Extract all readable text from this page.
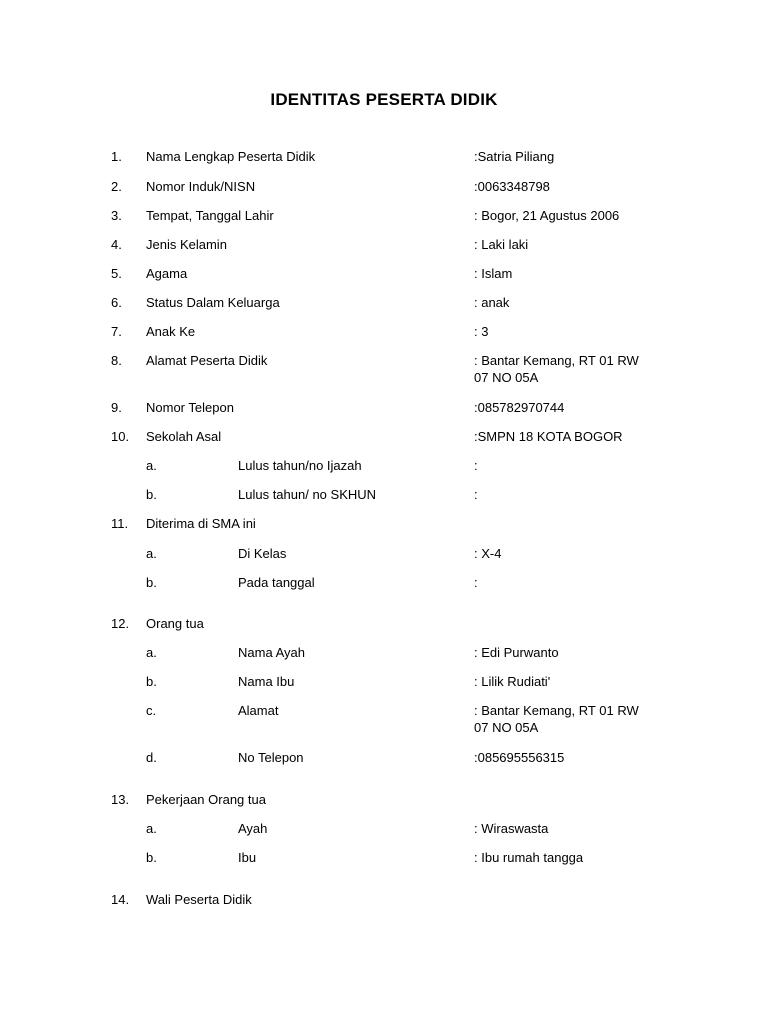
IDENTITAS PESERTA DIDIK
1.	Nama Lengkap Peserta Didik	:Satria Piliang
2.	Nomor Induk/NISN	:0063348798
3.	Tempat, Tanggal Lahir	: Bogor, 21 Agustus 2006
4.	Jenis Kelamin	: Laki laki
5.	Agama	: Islam
6.	Status Dalam Keluarga	: anak
7.	Anak Ke	: 3
8.	Alamat Peserta Didik	: Bantar Kemang, RT 01 RW
07 NO 05A
9.	Nomor Telepon	:085782970744
10.	Sekolah Asal	:SMPN 18 KOTA BOGOR
a.	Lulus tahun/no Ijazah	:
b.	Lulus tahun/ no SKHUN	:
11.	Diterima di SMA ini
a.	Di Kelas	: X-4
b.	Pada tanggal	:
12.	Orang tua
a.	Nama Ayah	: Edi Purwanto
b.	Nama Ibu	: Lilik Rudiati'
c.	Alamat	: Bantar Kemang, RT 01 RW
07 NO 05A
d.	No Telepon	:085695556315
13.	Pekerjaan Orang tua
a.	Ayah	: Wiraswasta
b.	Ibu	: Ibu rumah tangga
14.	Wali Peserta Didik
